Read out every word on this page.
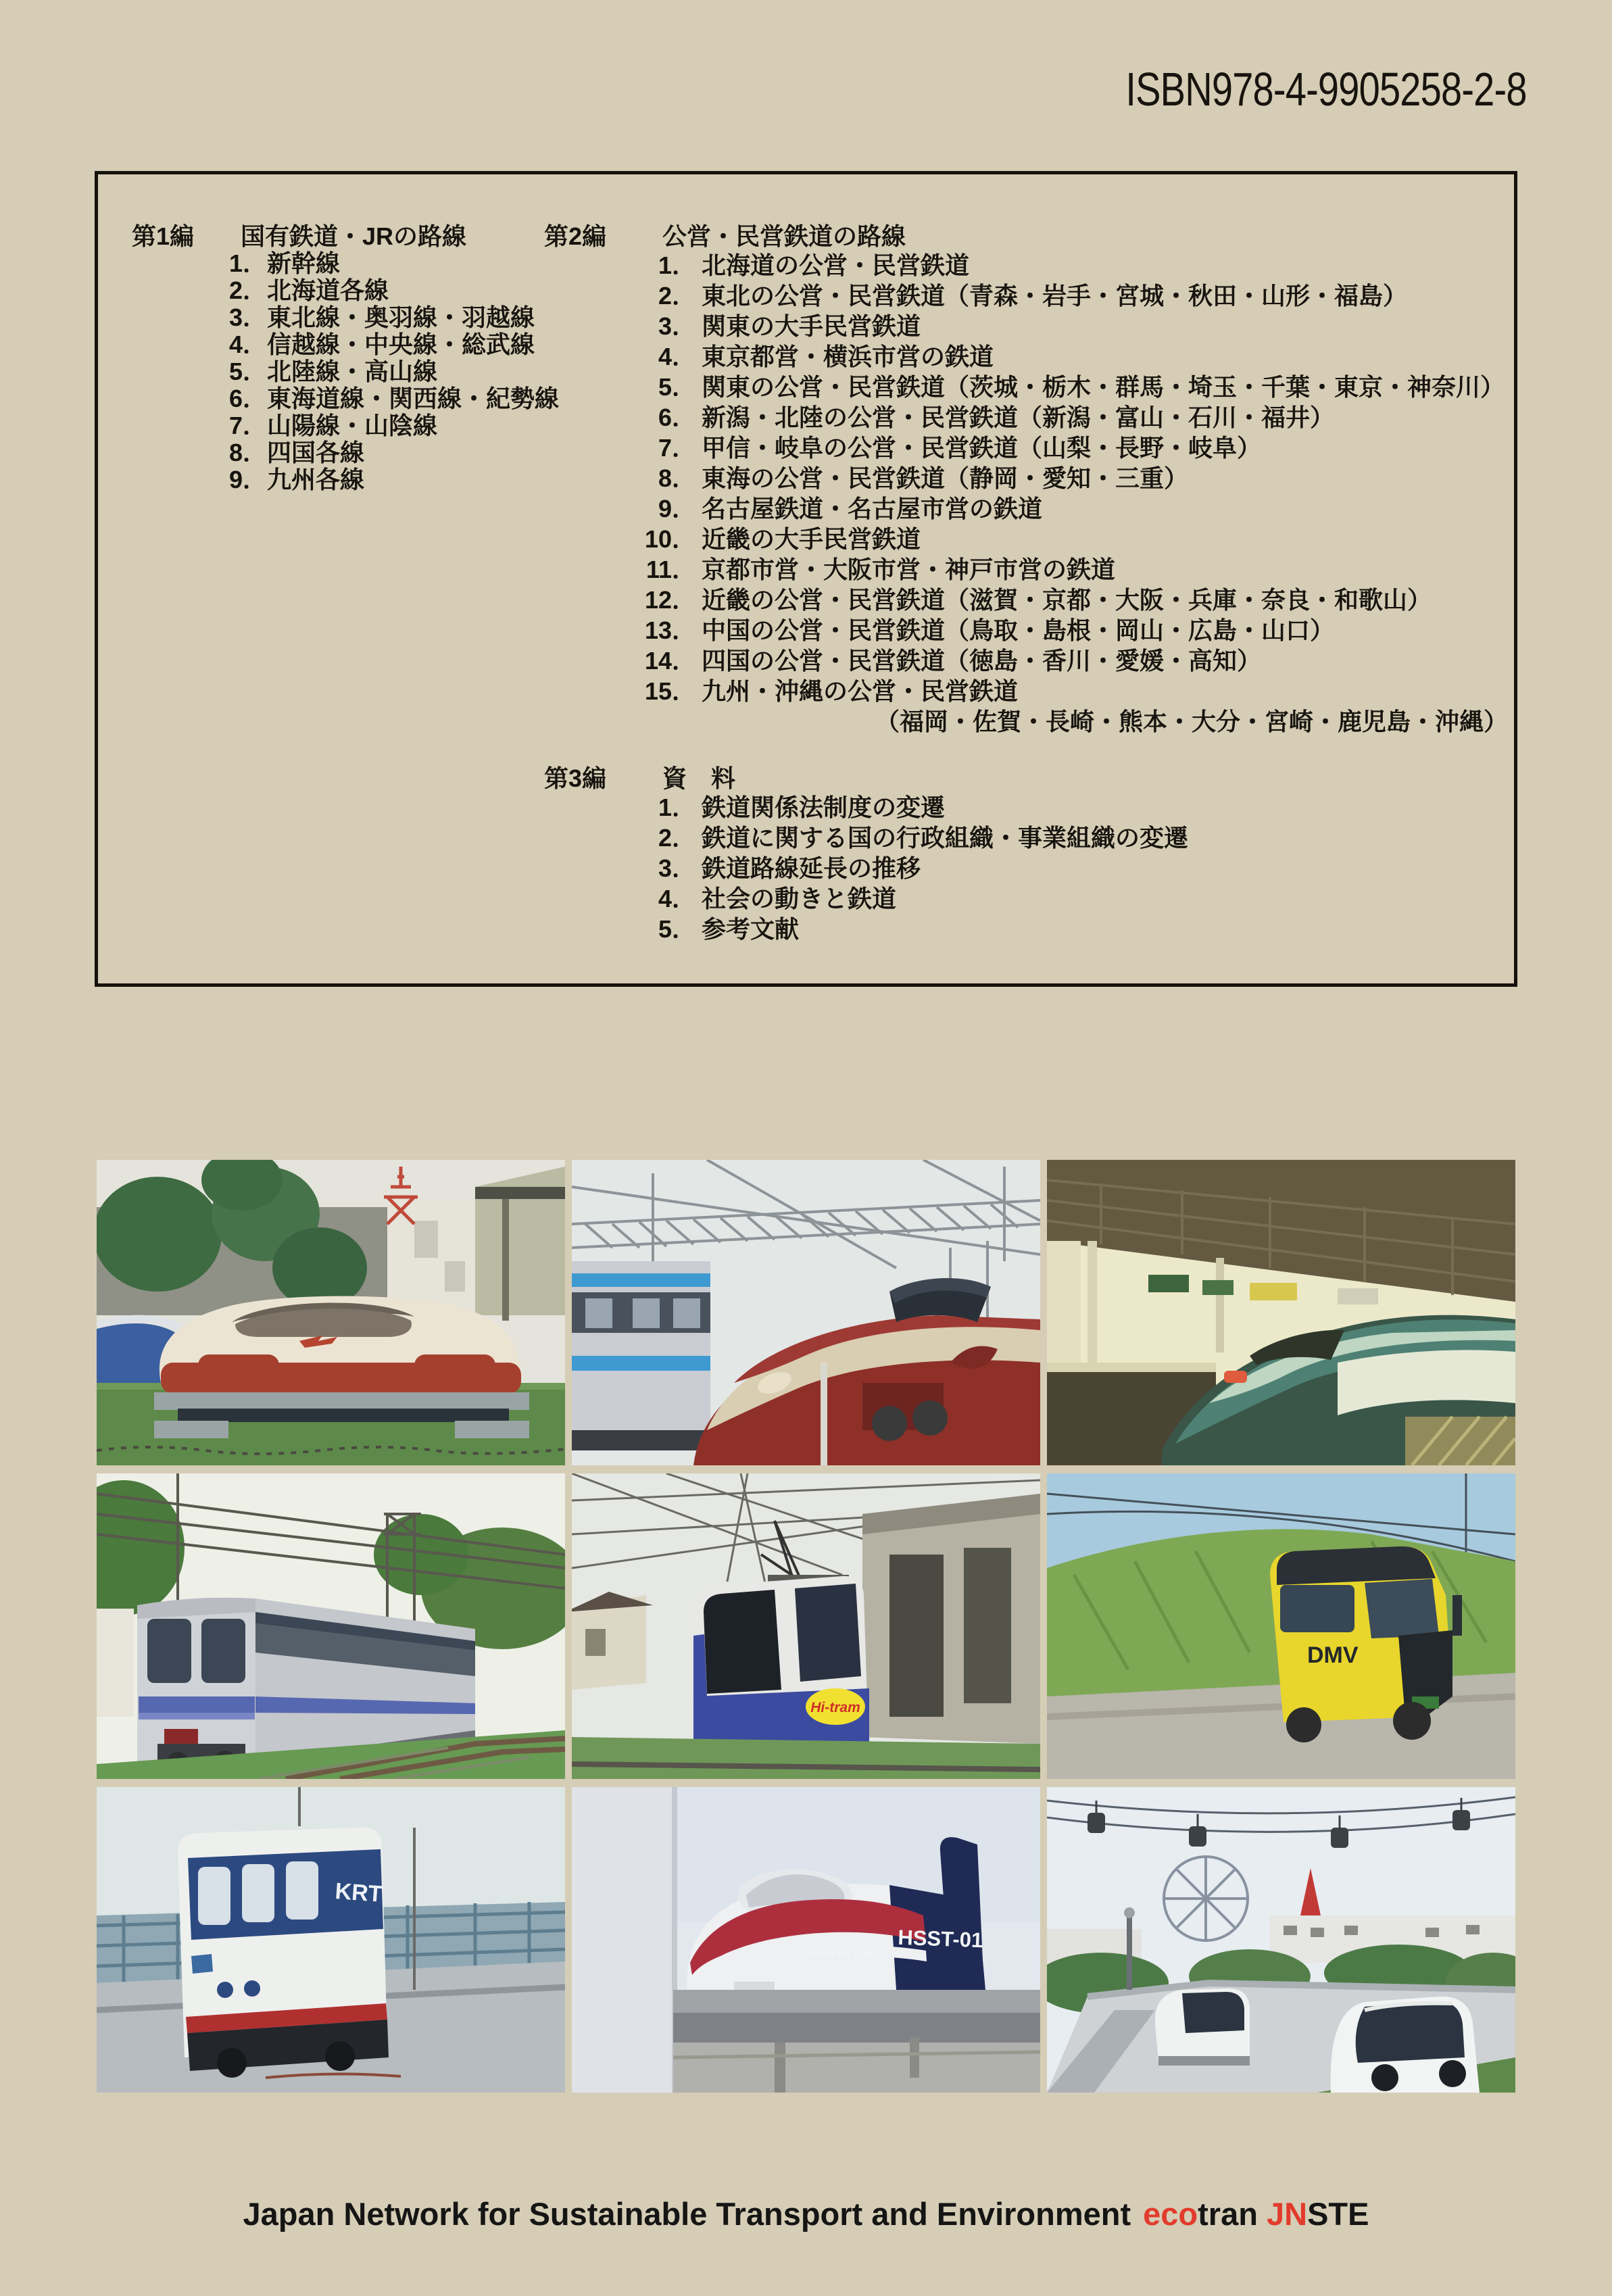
ISBN978-4-9905258-2-8
第1編 国有鉄道・JRの路線
1．新幹線
2．北海道各線
3．東北線・奥羽線・羽越線
4．信越線・中央線・総武線
5．北陸線・高山線
6．東海道線・関西線・紀勢線
7．山陽線・山陰線
8．四国各線
9．九州各線
第2編 公営・民営鉄道の路線
1． 北海道の公営・民営鉄道
2． 東北の公営・民営鉄道（青森・岩手・宮城・秋田・山形・福島）
3． 関東の大手民営鉄道
4． 東京都営・横浜市営の鉄道
5． 関東の公営・民営鉄道（茨城・栃木・群馬・埼玉・千葉・東京・神奈川）
6． 新潟・北陸の公営・民営鉄道（新潟・富山・石川・福井）
7． 甲信・岐阜の公営・民営鉄道（山梨・長野・岐阜）
8． 東海の公営・民営鉄道（静岡・愛知・三重）
9． 名古屋鉄道・名古屋市営の鉄道
10． 近畿の大手民営鉄道
11． 京都市営・大阪市営・神戸市営の鉄道
12． 近畿の公営・民営鉄道（滋賀・京都・大阪・兵庫・奈良・和歌山）
13． 中国の公営・民営鉄道（鳥取・島根・岡山・広島・山口）
14． 四国の公営・民営鉄道（徳島・香川・愛媛・高知）
15． 九州・沖縄の公営・民営鉄道
（福岡・佐賀・長崎・熊本・大分・宮崎・鹿児島・沖縄）
第3編 資　料
1． 鉄道関係法制度の変遷
2． 鉄道に関する国の行政組織・事業組織の変遷
3． 鉄道路線延長の推移
4． 社会の動きと鉄道
5． 参考文献
Hi-tram
DMV
KRT
HSST-01
JAPAN AIR LINES
Japan Network for Sustainable Transport and Environment ecotran JNSTE
